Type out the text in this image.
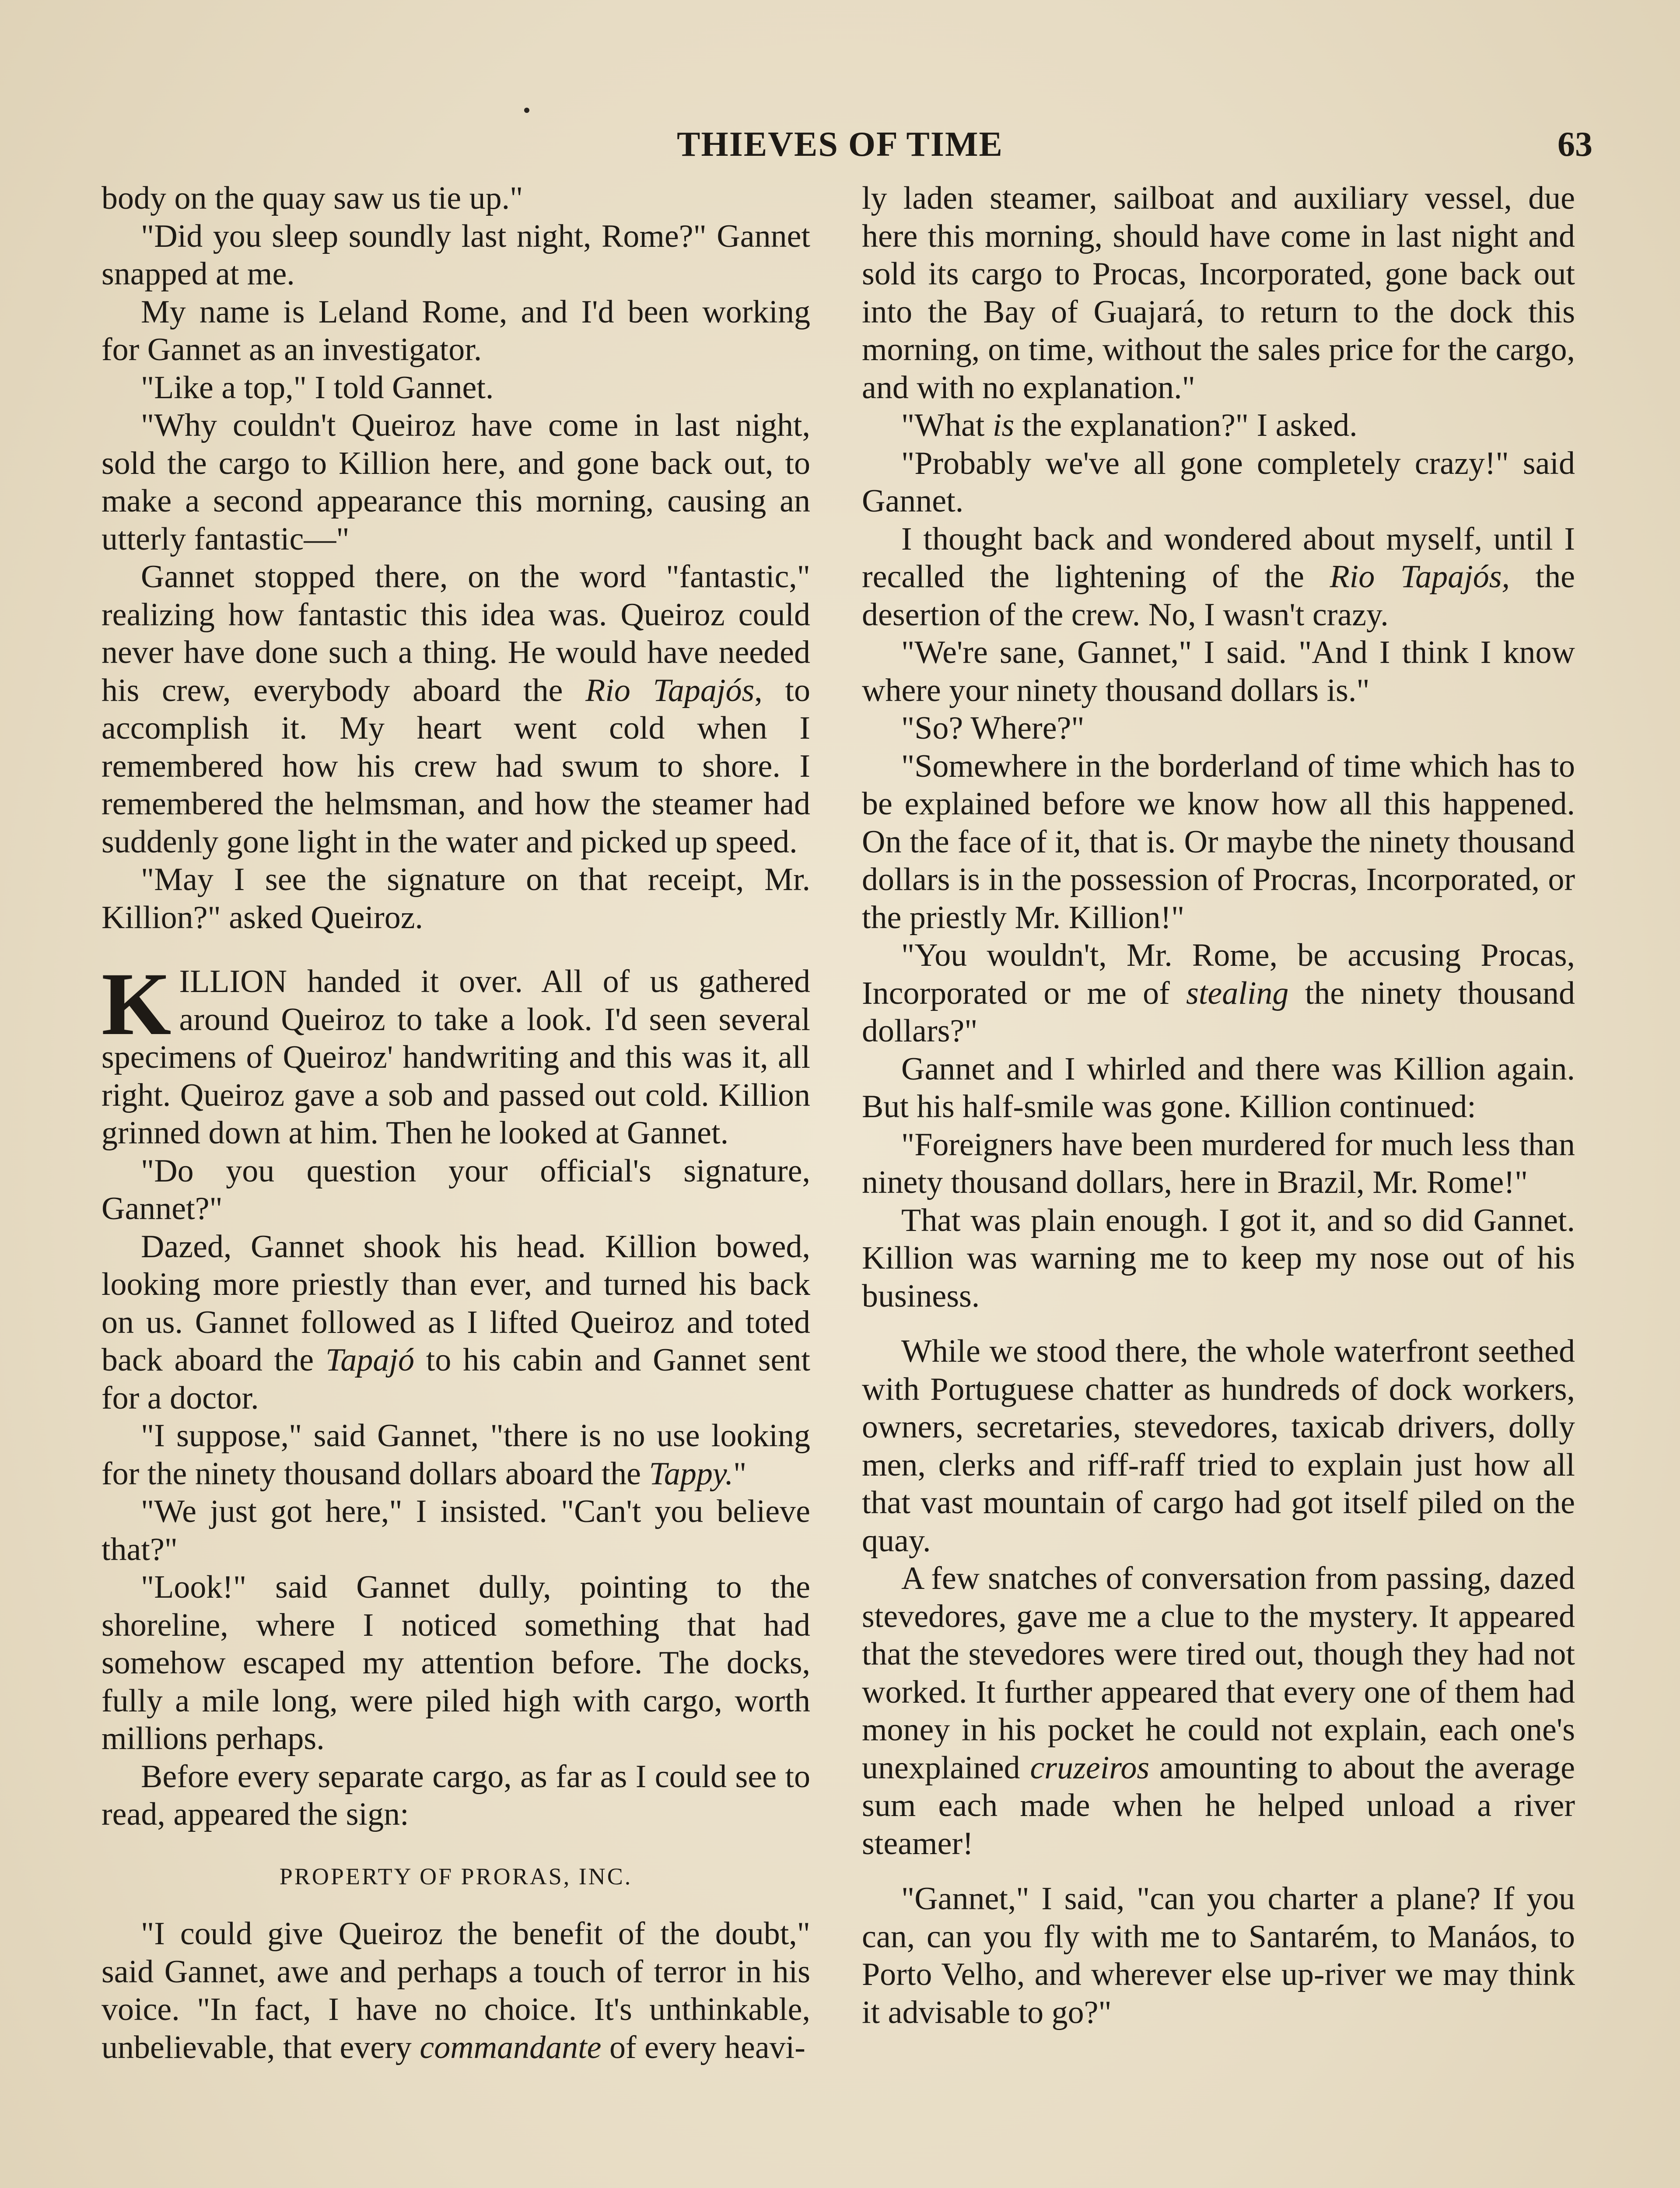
THIEVES OF TIME	63

body on the quay saw us tie up."

"Did you sleep soundly last night, Rome?" Gannet snapped at me.

My name is Leland Rome, and I'd been working for Gannet as an investigator.

"Like a top," I told Gannet.

"Why couldn't Queiroz have come in last night, sold the cargo to Killion here, and gone back out, to make a second appearance this morning, causing an utterly fantastic—"

Gannet stopped there, on the word "fantastic," realizing how fantastic this idea was. Queiroz could never have done such a thing. He would have needed his crew, everybody aboard the Rio Tapajós, to accomplish it. My heart went cold when I remembered how his crew had swum to shore. I remembered the helmsman, and how the steamer had suddenly gone light in the water and picked up speed.

"May I see the signature on that receipt, Mr. Killion?" asked Queiroz.

KILLION handed it over. All of us gathered around Queiroz to take a look. I'd seen several specimens of Queiroz' handwriting and this was it, all right. Queiroz gave a sob and passed out cold. Killion grinned down at him. Then he looked at Gannet.

"Do you question your official's signature, Gannet?"

Dazed, Gannet shook his head. Killion bowed, looking more priestly than ever, and turned his back on us. Gannet followed as I lifted Queiroz and toted back aboard the Tapajó to his cabin and Gannet sent for a doctor.

"I suppose," said Gannet, "there is no use looking for the ninety thousand dollars aboard the Tappy."

"We just got here," I insisted. "Can't you believe that?"

"Look!" said Gannet dully, pointing to the shoreline, where I noticed something that had somehow escaped my attention before. The docks, fully a mile long, were piled high with cargo, worth millions perhaps.

Before every separate cargo, as far as I could see to read, appeared the sign:

PROPERTY OF PRORAS, INC.

"I could give Queiroz the benefit of the doubt," said Gannet, awe and perhaps a touch of terror in his voice. "In fact, I have no choice. It's unthinkable, unbelievable, that every commandante of every heavi-

ly laden steamer, sailboat and auxiliary vessel, due here this morning, should have come in last night and sold its cargo to Procas, Incorporated, gone back out into the Bay of Guajará, to return to the dock this morning, on time, without the sales price for the cargo, and with no explanation."

"What is the explanation?" I asked.

"Probably we've all gone completely crazy!" said Gannet.

I thought back and wondered about myself, until I recalled the lightening of the Rio Tapajós, the desertion of the crew. No, I wasn't crazy.

"We're sane, Gannet," I said. "And I think I know where your ninety thousand dollars is."

"So? Where?"

"Somewhere in the borderland of time which has to be explained before we know how all this happened. On the face of it, that is. Or maybe the ninety thousand dollars is in the possession of Procras, Incorporated, or the priestly Mr. Killion!"

"You wouldn't, Mr. Rome, be accusing Procas, Incorporated or me of stealing the ninety thousand dollars?"

Gannet and I whirled and there was Killion again. But his half-smile was gone. Killion continued:

"Foreigners have been murdered for much less than ninety thousand dollars, here in Brazil, Mr. Rome!"

That was plain enough. I got it, and so did Gannet. Killion was warning me to keep my nose out of his business.

While we stood there, the whole waterfront seethed with Portuguese chatter as hundreds of dock workers, owners, secretaries, stevedores, taxicab drivers, dolly men, clerks and riff-raff tried to explain just how all that vast mountain of cargo had got itself piled on the quay.

A few snatches of conversation from passing, dazed stevedores, gave me a clue to the mystery. It appeared that the stevedores were tired out, though they had not worked. It further appeared that every one of them had money in his pocket he could not explain, each one's unexplained cruzeiros amounting to about the average sum each made when he helped unload a river steamer!

"Gannet," I said, "can you charter a plane? If you can, can you fly with me to Santarém, to Manáos, to Porto Velho, and wherever else up-river we may think it advisable to go?"
